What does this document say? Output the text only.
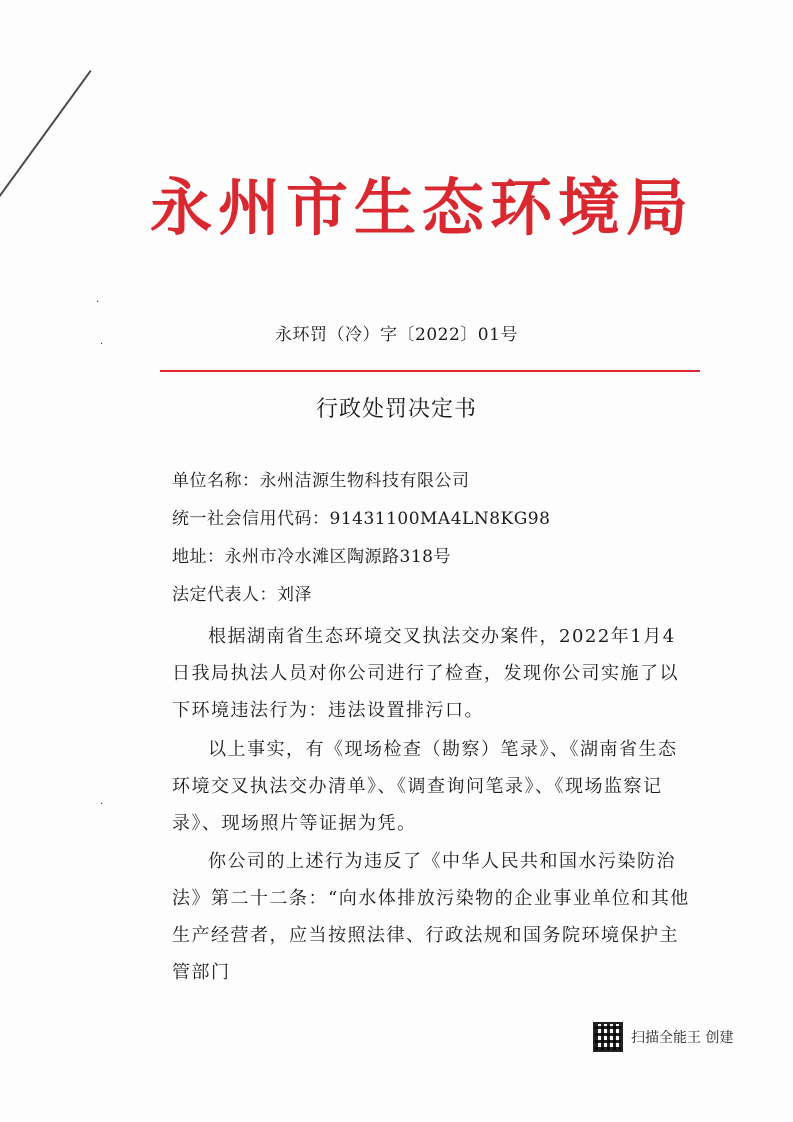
·
·
·
永州市生态环境局
永环罚（冷）字〔2022〕01号
行政处罚决定书
单位名称：永州洁源生物科技有限公司
统一社会信用代码：91431100MA4LN8KG98
地址：永州市冷水滩区陶源路318号
法定代表人：刘泽

根据湖南省生态环境交叉执法交办案件，2022年1月4日我局执法人员对你公司进行了检查，发现你公司实施了以下环境违法行为：违法设置排污口。

以上事实，有《现场检查（勘察）笔录》、《湖南省生态环境交叉执法交办清单》、《调查询问笔录》、《现场监察记录》、现场照片等证据为凭。

你公司的上述行为违反了《中华人民共和国水污染防治法》第二十二条：“向水体排放污染物的企业事业单位和其他生产经营者，应当按照法律、行政法规和国务院环境保护主管部门

扫描全能王 创建
